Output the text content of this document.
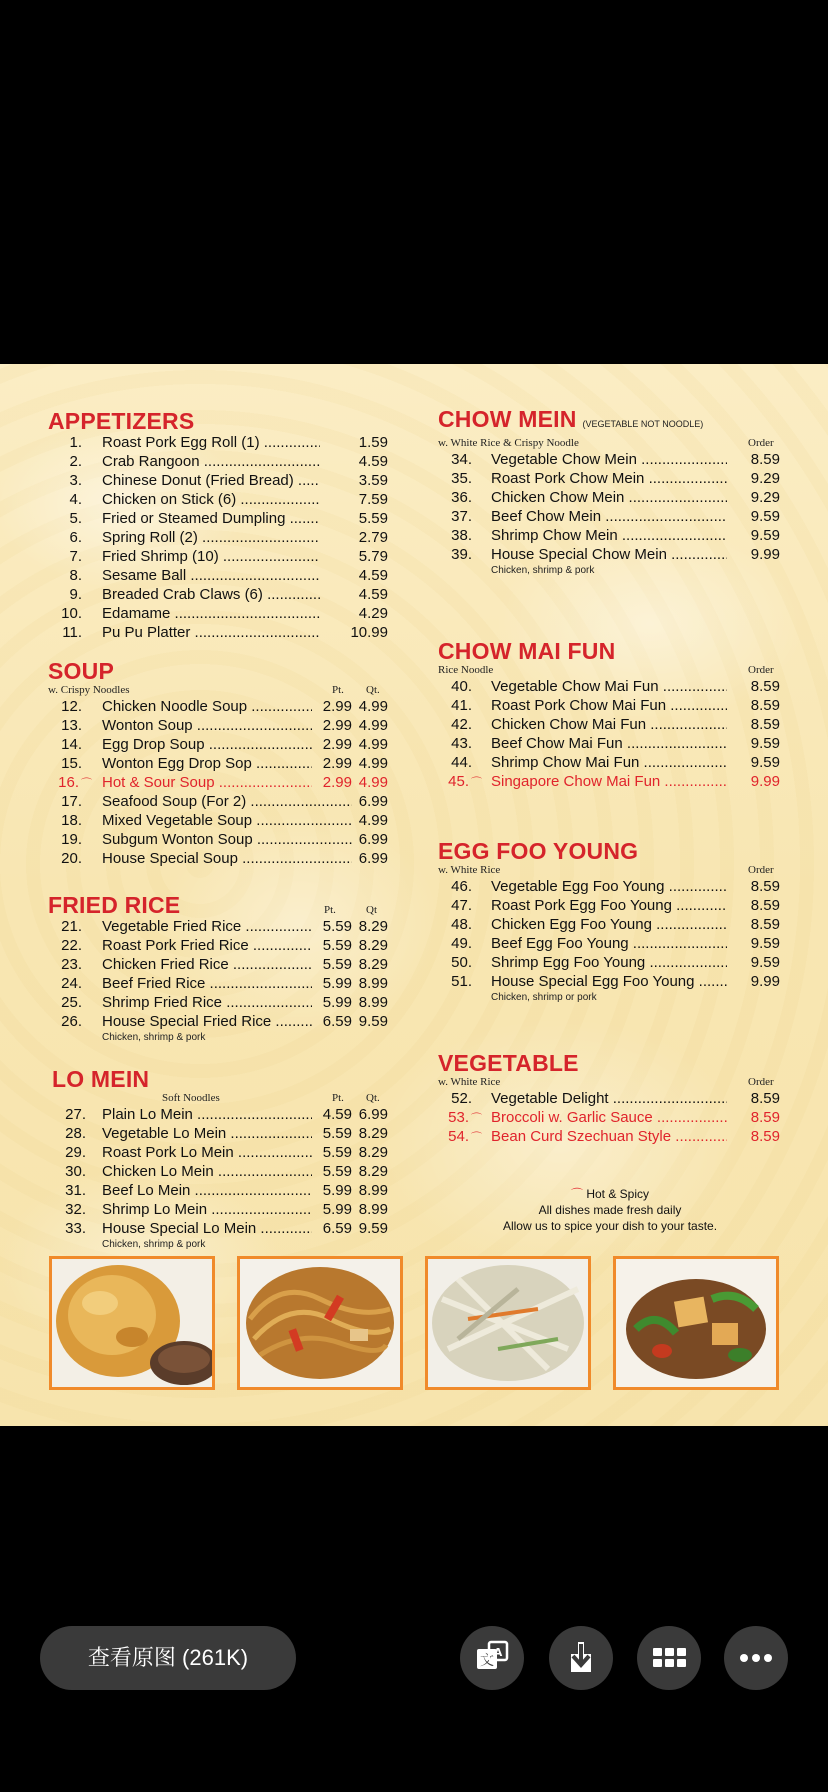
APPETIZERS
1. Roast Pork Egg Roll (1) .....	1.59
2. Crab Rangoon .....	4.59
3. Chinese Donut (Fried Bread) .....	3.59
4. Chicken on Stick (6) .....	7.59
5. Fried or Steamed Dumpling .....	5.59
6. Spring Roll (2) .....	2.79
7. Fried Shrimp (10) .....	5.79
8. Sesame Ball .....	4.59
9. Breaded Crab Claws (6) .....	4.59
10. Edamame .....	4.29
11. Pu Pu Platter .....	10.99
SOUP
w. Crispy Noodles	Pt. Qt.
12. Chicken Noodle Soup .....	2.99 4.99
13. Wonton Soup .....	2.99 4.99
14. Egg Drop Soup .....	2.99 4.99
15. Wonton Egg Drop Sop .....	2.99 4.99
16. ⌒ Hot & Sour Soup .....	2.99 4.99
17. Seafood Soup (For 2) .....	6.99
18. Mixed Vegetable Soup .....	4.99
19. Subgum Wonton Soup .....	6.99
20. House Special Soup .....	6.99
FRIED RICE	Pt.	Qt
21. Vegetable Fried Rice .....	5.59 8.29
22. Roast Pork Fried Rice .....	5.59 8.29
23. Chicken Fried Rice .....	5.59 8.29
24. Beef Fried Rice .....	5.99 8.99
25. Shrimp Fried Rice .....	5.99 8.99
26. House Special Fried Rice .....	6.59 9.59
Chicken, shrimp & pork
LO MEIN
Soft Noodles	Pt. Qt.
27. Plain Lo Mein .....	4.59 6.99
28. Vegetable Lo Mein .....	5.59 8.29
29. Roast Pork Lo Mein .....	5.59 8.29
30. Chicken Lo Mein .....	5.59 8.29
31. Beef Lo Mein .....	5.99 8.99
32. Shrimp Lo Mein .....	5.99 8.99
33. House Special Lo Mein .....	6.59 9.59
Chicken, shrimp & pork
CHOW MEIN (VEGETABLE NOT NOODLE)
w. White Rice & Crispy Noodle	Order
34. Vegetable Chow Mein .....	8.59
35. Roast Pork Chow Mein .....	9.29
36. Chicken Chow Mein .....	9.29
37. Beef Chow Mein .....	9.59
38. Shrimp Chow Mein .....	9.59
39. House Special Chow Mein .....	9.99
Chicken, shrimp & pork
CHOW MAI FUN
Rice Noodle	Order
40. Vegetable Chow Mai Fun .....	8.59
41. Roast Pork Chow Mai Fun .....	8.59
42. Chicken Chow Mai Fun .....	8.59
43. Beef Chow Mai Fun .....	9.59
44. Shrimp Chow Mai Fun .....	9.59
45. ⌒ Singapore Chow Mai Fun .....	9.99
EGG FOO YOUNG
w. White Rice	Order
46. Vegetable Egg Foo Young .....	8.59
47. Roast Pork Egg Foo Young .....	8.59
48. Chicken Egg Foo Young .....	8.59
49. Beef Egg Foo Young .....	9.59
50. Shrimp Egg Foo Young .....	9.59
51. House Special Egg Foo Young .....	9.99
Chicken, shrimp or pork
VEGETABLE
w. White Rice	Order
52. Vegetable Delight .....	8.59
53. ⌒ Broccoli w. Garlic Sauce .....	8.59
54. ⌒ Bean Curd Szechuan Style .....	8.59
⌒ Hot & Spicy
All dishes made fresh daily
Allow us to spice your dish to your taste.
查看原图 (261K)	文
A
